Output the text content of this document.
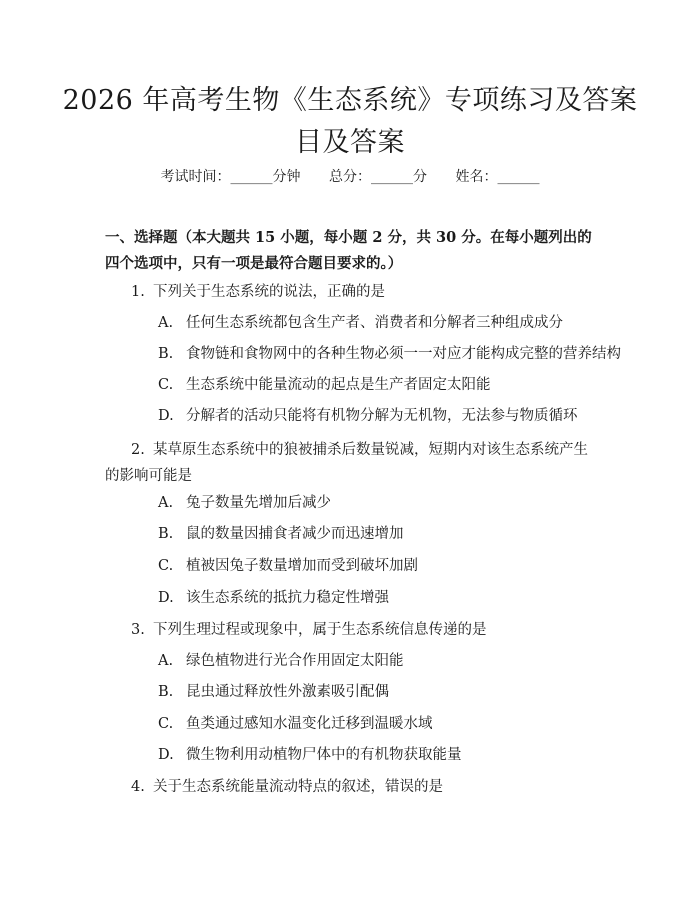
2026 年高考生物《生态系统》专项练习及答案目及答案
考试时间：______分钟 总分：______分 姓名：______
一、选择题（本大题共 15 小题，每小题 2 分，共 30 分。在每小题列出的四个选项中，只有一项是最符合题目要求的。）
1. 下列关于生态系统的说法，正确的是
A. 任何生态系统都包含生产者、消费者和分解者三种组成成分
B. 食物链和食物网中的各种生物必须一一对应才能构成完整的营养结构
C. 生态系统中能量流动的起点是生产者固定太阳能
D. 分解者的活动只能将有机物分解为无机物，无法参与物质循环
2. 某草原生态系统中的狼被捕杀后数量锐减，短期内对该生态系统产生的影响可能是
A. 兔子数量先增加后减少
B. 鼠的数量因捕食者减少而迅速增加
C. 植被因兔子数量增加而受到破坏加剧
D. 该生态系统的抵抗力稳定性增强
3. 下列生理过程或现象中，属于生态系统信息传递的是
A. 绿色植物进行光合作用固定太阳能
B. 昆虫通过释放性外激素吸引配偶
C. 鱼类通过感知水温变化迁移到温暖水域
D. 微生物利用动植物尸体中的有机物获取能量
4. 关于生态系统能量流动特点的叙述，错误的是
